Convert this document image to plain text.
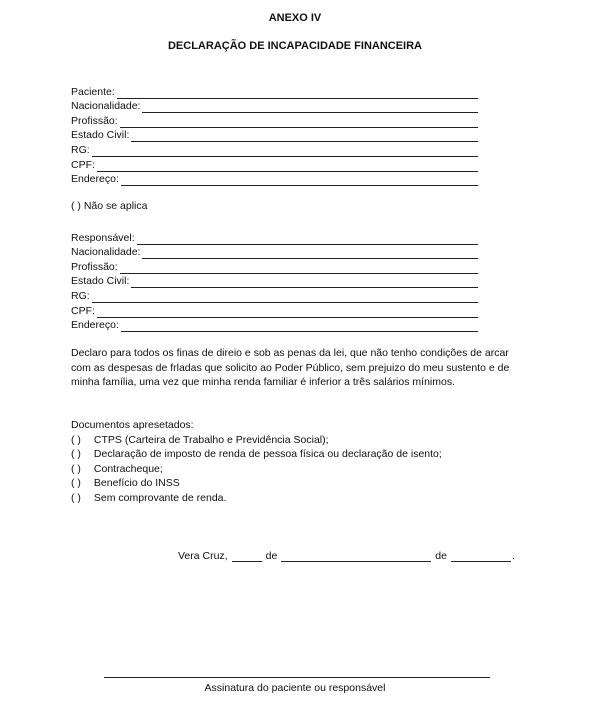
ANEXO IV
DECLARAÇÃO DE INCAPACIDADE FINANCEIRA
Paciente:
Nacionalidade:
Profissão:
Estado Civil:
RG:
CPF:
Endereço:
( ) Não se aplica
Responsável:
Nacionalidade:
Profissão:
Estado Civil:
RG:
CPF:
Endereço:
Declaro para todos os finas de direio e sob as penas da lei, que não tenho condições de arcar com as despesas de frladas que solicito ao Poder Público, sem prejuizo do meu sustento e de minha família, uma vez que minha renda familiar é inferior a três salários mínimos.
Documentos apresetados:
( ) CTPS (Carteira de Trabalho e Previdência Social);
( ) Declaração de imposto de renda de pessoa física ou declaração de isento;
( ) Contracheque;
( ) Benefício do INSS
( ) Sem comprovante de renda.
Vera Cruz,	de	de	.
Assinatura do paciente ou responsável
